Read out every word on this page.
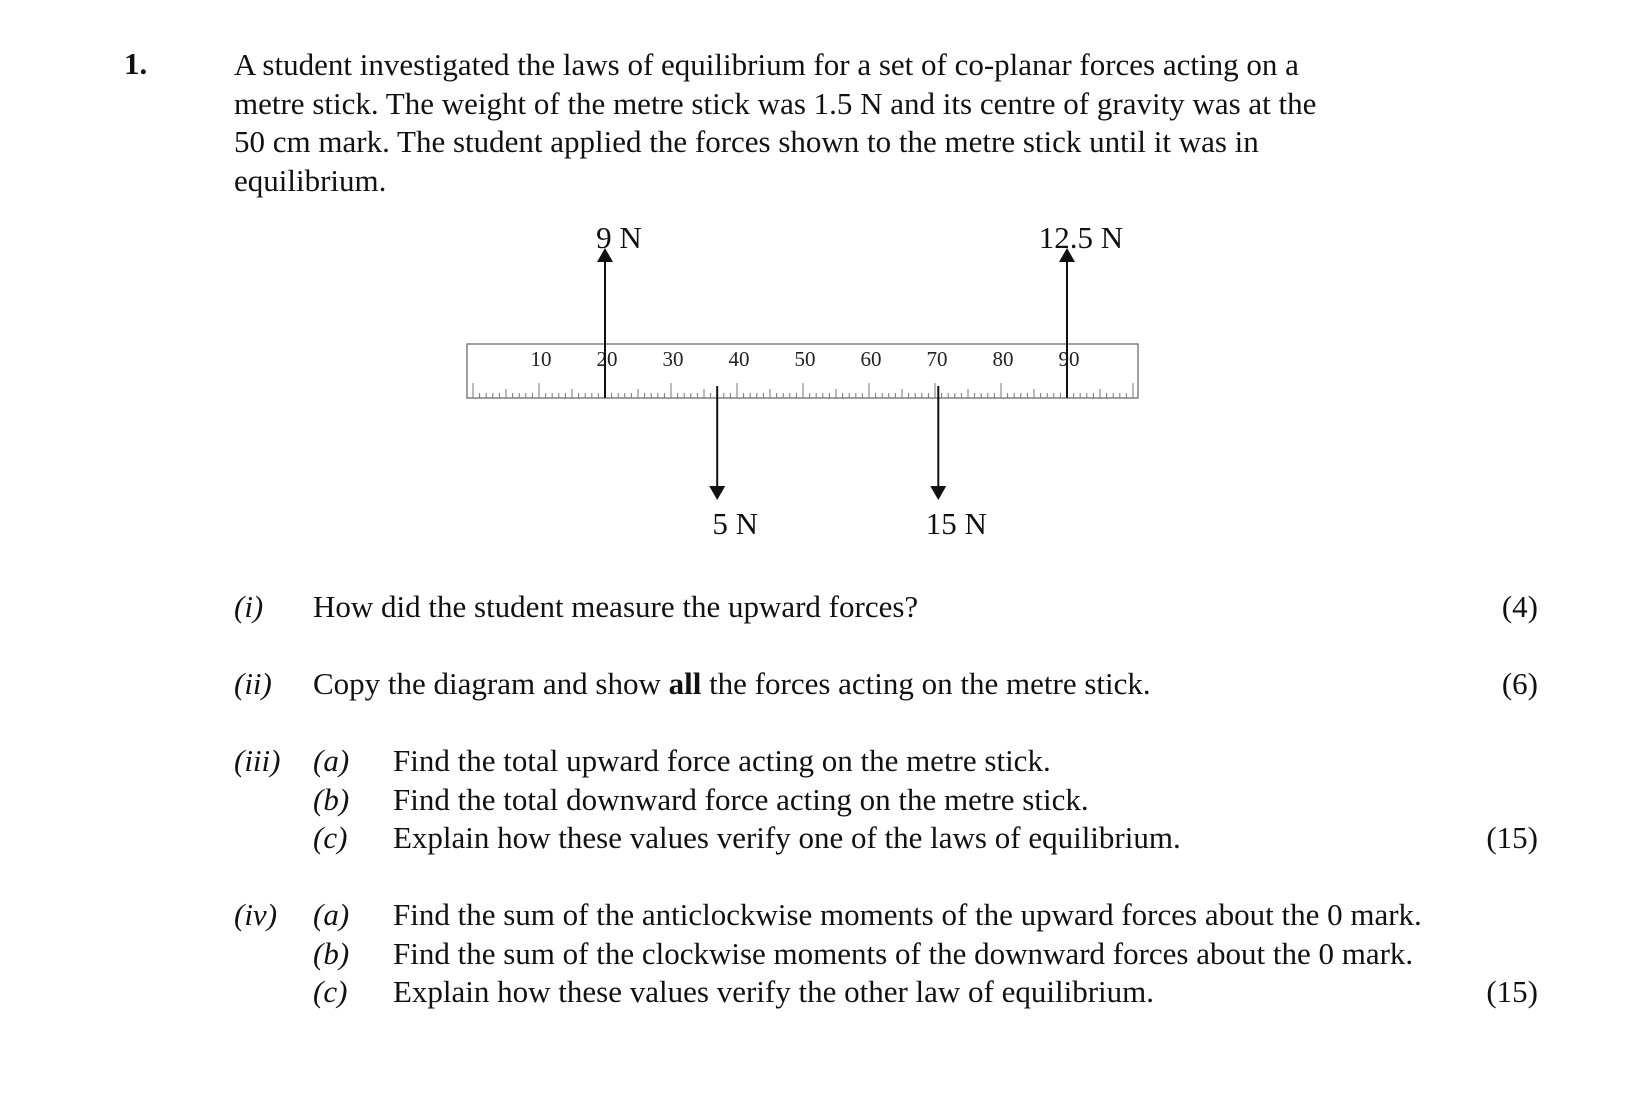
1.	A student investigated the laws of equilibrium for a set of co-planar forces acting on a
metre stick. The weight of the metre stick was 1.5 N and its centre of gravity was at the
50 cm mark. The student applied the forces shown to the metre stick until it was in
equilibrium.
10 20 30 40 50 60 70 80 90
9 N	12.5 N
5 N	15 N
(i) How did the student measure the upward forces?	(4)
(ii) Copy the diagram and show all the forces acting on the metre stick.	(6)
(iii) (a) Find the total upward force acting on the metre stick.
(b) Find the total downward force acting on the metre stick.
(c) Explain how these values verify one of the laws of equilibrium.	(15)
(iv) (a) Find the sum of the anticlockwise moments of the upward forces about the 0 mark.
(b) Find the sum of the clockwise moments of the downward forces about the 0 mark.
(c) Explain how these values verify the other law of equilibrium.	(15)
